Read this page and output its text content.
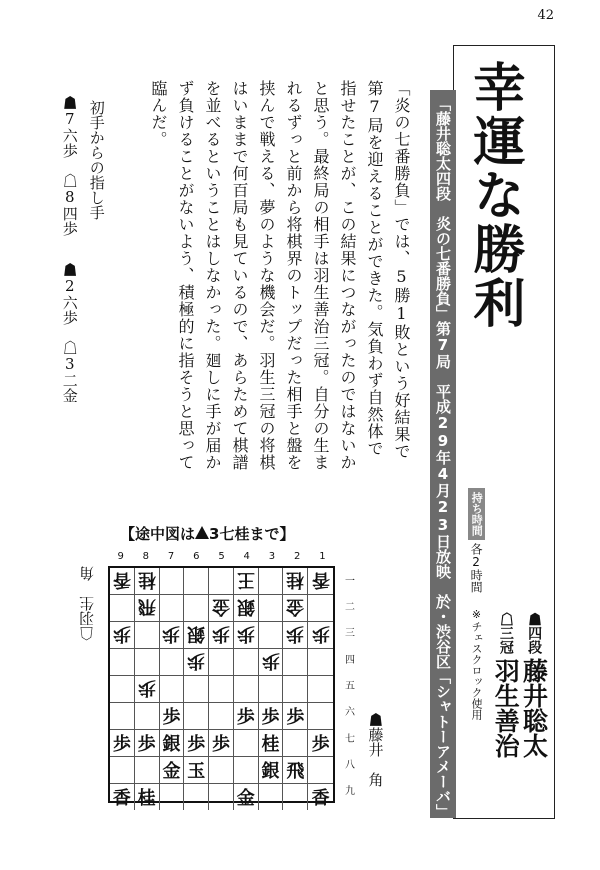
42
幸運な勝利
持ち時間
各2時間
※チェスクロック使用	☗四段
藤井聡太
☖三冠
羽生善治
「藤井聡太四段　炎の七番勝負」第7局　平成29年4月23日放映　於・渋谷区「シャトーアメーバ」
「炎の七番勝負」では、5勝1敗という好結果で第7局を迎えることができた。気負わず自然体で指せたことが、この結果につながったのではないかと思う。最終局の相手は羽生善治三冠。自分の生まれるずっと前から将棋界のトップだった相手と盤を挟んで戦える、夢のような機会だ。羽生三冠の将棋はいままで何百局も見ているので、あらためて棋譜を並べるということはしなかった。廻しに手が届かず負けることがないよう、積極的に指そうと思って臨んだ。
初手からの指し手
☗7六歩　☖8四歩
☗2六歩　☖3二金
【途中図は 3七桂まで】
1
2
3
4
5
6
7
8
9
一
二
三
四
五
六
七
八
九
香 桂	王 桂 香
飛	金 銀 金
歩 歩 銀 歩 歩 歩 歩
歩	歩
歩
歩	歩 歩 歩
歩 歩 銀 歩 歩 桂 歩
金 玉	銀 飛
香 桂	金	香
☗藤井　角
☖羽生　角
